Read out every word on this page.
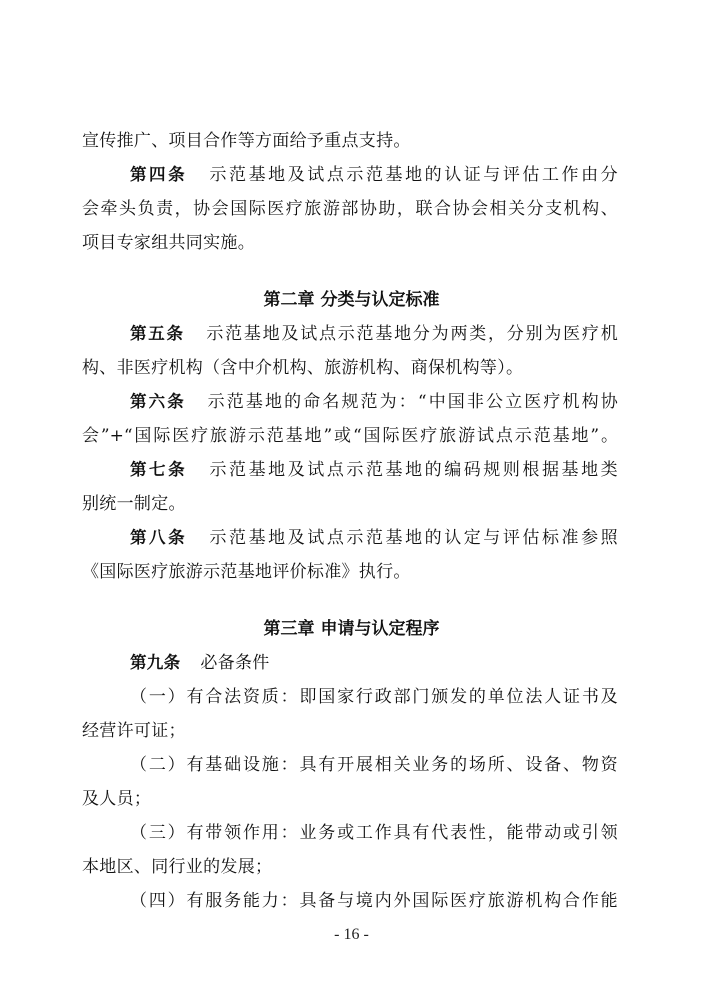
宣传推广、项目合作等方面给予重点支持。
第四条 示范基地及试点示范基地的认证与评估工作由分
会牵头负责，协会国际医疗旅游部协助，联合协会相关分支机构、
项目专家组共同实施。
第二章 分类与认定标准
第五条 示范基地及试点示范基地分为两类，分别为医疗机
构、非医疗机构（含中介机构、旅游机构、商保机构等）。
第六条 示范基地的命名规范为：“中国非公立医疗机构协
会”+“国际医疗旅游示范基地”或“国际医疗旅游试点示范基地”。
第七条 示范基地及试点示范基地的编码规则根据基地类
别统一制定。
第八条 示范基地及试点示范基地的认定与评估标准参照
《国际医疗旅游示范基地评价标准》执行。
第三章 申请与认定程序
第九条 必备条件
（一）有合法资质：即国家行政部门颁发的单位法人证书及
经营许可证；
（二）有基础设施：具有开展相关业务的场所、设备、物资
及人员；
（三）有带领作用：业务或工作具有代表性，能带动或引领
本地区、同行业的发展；
（四）有服务能力：具备与境内外国际医疗旅游机构合作能
- 16 -
